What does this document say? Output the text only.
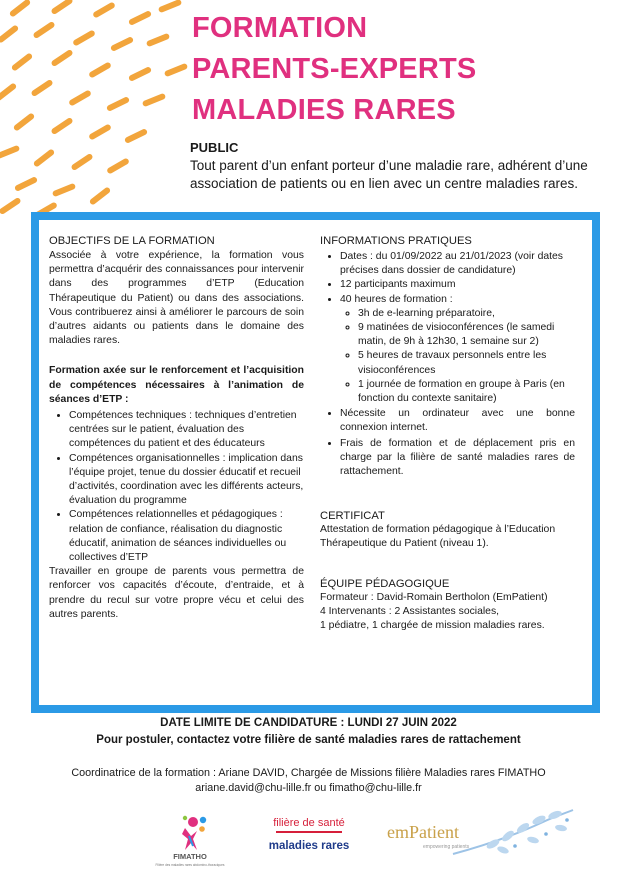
FORMATION
PARENTS-EXPERTS
MALADIES RARES
PUBLIC

Tout parent d’un enfant porteur d’une maladie rare, adhérent d’une association de patients ou en lien avec un centre maladies rares.

OBJECTIFS DE LA FORMATION

Associée à votre expérience, la formation vous permettra d’acquérir des connaissances pour intervenir dans des programmes d’ETP (Education Thérapeutique du Patient) ou dans des associations. Vous contribuerez ainsi à améliorer le parcours de soin d’autres aidants ou patients dans le domaine des maladies rares.

Formation axée sur le renforcement et l’acquisition de compétences nécessaires à l’animation de séances d’ETP :

• Compétences techniques : techniques d’entretien centrées sur le patient, évaluation des compétences du patient et des éducateurs
• Compétences organisationnelles : implication dans l’équipe projet, tenue du dossier éducatif et recueil d’activités, coordination avec les différents acteurs, évaluation du programme
• Compétences relationnelles et pédagogiques : relation de confiance, réalisation du diagnostic éducatif, animation de séances individuelles ou collectives d’ETP

Travailler en groupe de parents vous permettra de renforcer vos capacités d’écoute, d’entraide, et à prendre du recul sur votre propre vécu et celui des autres parents.

INFORMATIONS PRATIQUES
• Dates : du 01/09/2022 au 21/01/2023 (voir dates précises dans dossier de candidature)
• 12 participants maximum
• 40 heures de formation :
◦ 3h de e-learning préparatoire,
◦ 9 matinées de visioconférences (le samedi matin, de 9h à 12h30, 1 semaine sur 2)
◦ 5 heures de travaux personnels entre les visioconférences
◦ 1 journée de formation en groupe à Paris (en fonction du contexte sanitaire)
• Nécessite un ordinateur avec une bonne connexion internet.
• Frais de formation et de déplacement pris en charge par la filière de santé maladies rares de rattachement.
CERTIFICAT
Attestation de formation pédagogique à l’Education Thérapeutique du Patient (niveau 1).
ÉQUIPE PÉDAGOGIQUE
Formateur : David-Romain Bertholon (EmPatient)
4 Intervenants : 2 Assistantes sociales,
1 pédiatre, 1 chargée de mission maladies rares.
DATE LIMITE DE CANDIDATURE : LUNDI 27 JUIN 2022
Pour postuler, contactez votre filière de santé maladies rares de rattachement
Coordinatrice de la formation : Ariane DAVID, Chargée de Missions filière Maladies rares FIMATHO
ariane.david@chu-lille.fr ou fimatho@chu-lille.fr
FIMATHO
Filière des maladies rares abdomino-thoraciques
filière de santé
maladies rares
emPatient
empowering patients
